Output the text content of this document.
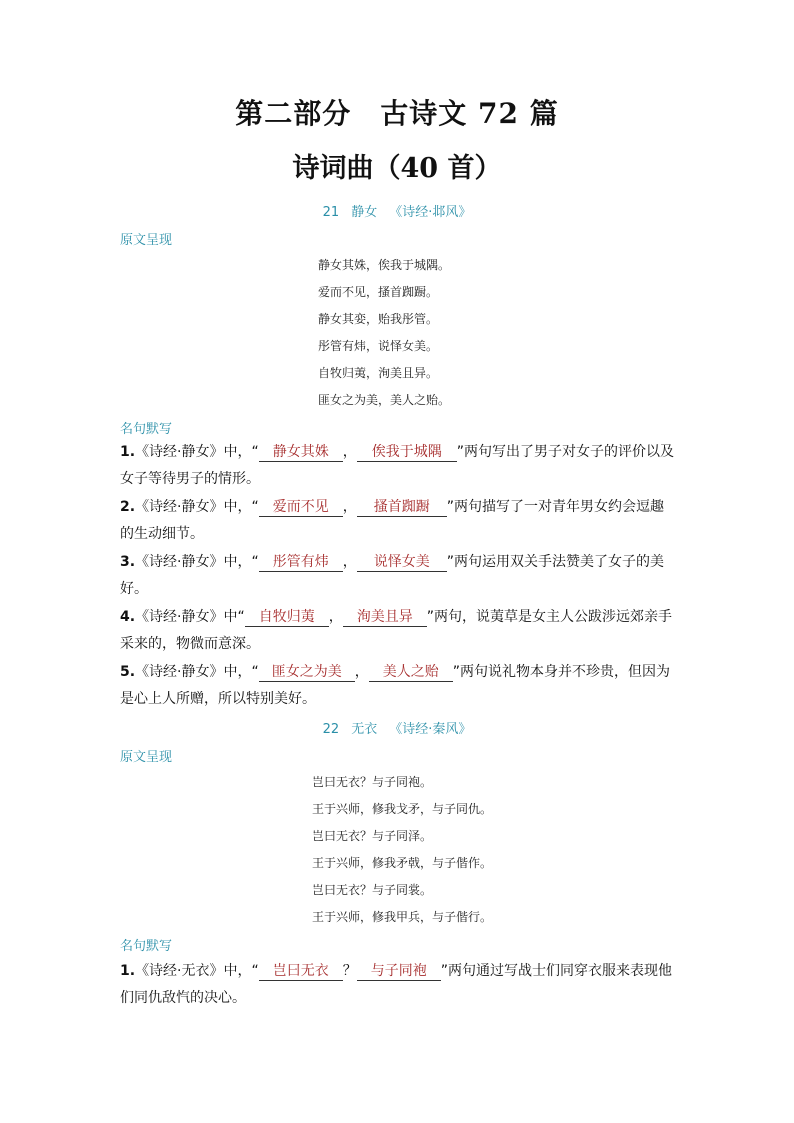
第二部分　古诗文 72 篇
诗词曲（40 首）
21 静女 《诗经·邶风》
原文呈现
静女其姝，俟我于城隅。
爱而不见，搔首踟蹰。
静女其娈，贻我彤管。
彤管有炜，说怿女美。
自牧归荑，洵美且异。
匪女之为美，美人之贻。
名句默写
1.《诗经·静女》中，“ 静女其姝 ， 俟我于城隅 ”两句写出了男子对女子的评价以及女子等待男子的情形。
2.《诗经·静女》中，“ 爱而不见 ， 搔首踟蹰 ”两句描写了一对青年男女约会逗趣的生动细节。
3.《诗经·静女》中，“ 彤管有炜 ， 说怿女美 ”两句运用双关手法赞美了女子的美好。
4.《诗经·静女》中“ 自牧归荑 ， 洵美且异 ”两句，说荑草是女主人公跋涉远郊亲手采来的，物微而意深。
5.《诗经·静女》中，“ 匪女之为美 ， 美人之贻 ”两句说礼物本身并不珍贵，但因为是心上人所赠，所以特别美好。
22 无衣 《诗经·秦风》
原文呈现
岂曰无衣？与子同袍。
王于兴师，修我戈矛，与子同仇。
岂曰无衣？与子同泽。
王于兴师，修我矛戟，与子偕作。
岂曰无衣？与子同裳。
王于兴师，修我甲兵，与子偕行。
名句默写
1.《诗经·无衣》中，“ 岂曰无衣 ？ 与子同袍 ”两句通过写战士们同穿衣服来表现他们同仇敌忾的决心。
